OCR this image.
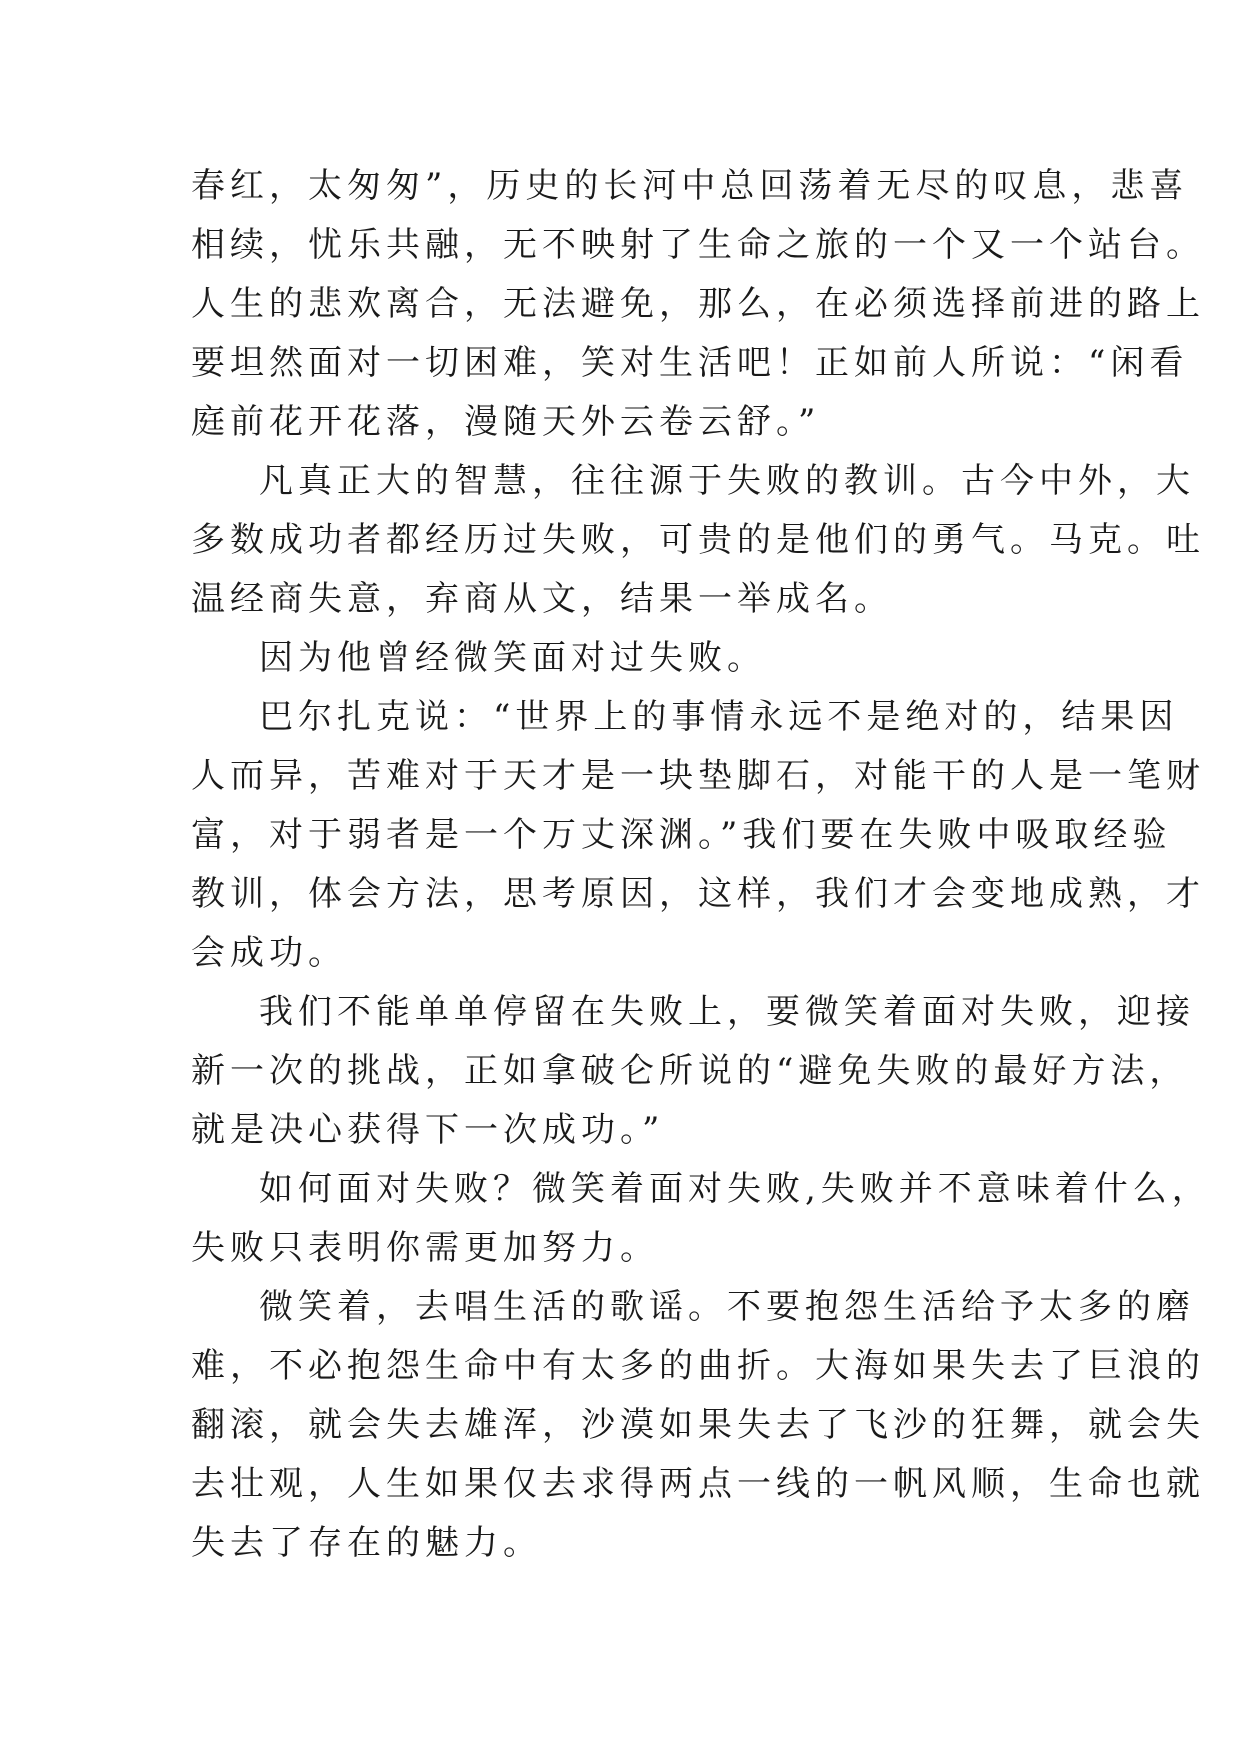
春红，太匆匆”，历史的长河中总回荡着无尽的叹息，悲喜
相续，忧乐共融，无不映射了生命之旅的一个又一个站台。
人生的悲欢离合，无法避免，那么，在必须选择前进的路上
要坦然面对一切困难，笑对生活吧！正如前人所说：“闲看
庭前花开花落，漫随天外云卷云舒。”

凡真正大的智慧，往往源于失败的教训。古今中外，大
多数成功者都经历过失败，可贵的是他们的勇气。马克。吐
温经商失意，弃商从文，结果一举成名。

因为他曾经微笑面对过失败。

巴尔扎克说：“世界上的事情永远不是绝对的，结果因
人而异，苦难对于天才是一块垫脚石，对能干的人是一笔财
富，对于弱者是一个万丈深渊。”我们要在失败中吸取经验
教训，体会方法，思考原因，这样，我们才会变地成熟，才
会成功。

我们不能单单停留在失败上，要微笑着面对失败，迎接
新一次的挑战，正如拿破仑所说的“避免失败的最好方法，
就是决心获得下一次成功。”

如何面对失败？微笑着面对失败,失败并不意味着什么，
失败只表明你需更加努力。

微笑着，去唱生活的歌谣。不要抱怨生活给予太多的磨
难，不必抱怨生命中有太多的曲折。大海如果失去了巨浪的
翻滚，就会失去雄浑，沙漠如果失去了飞沙的狂舞，就会失
去壮观，人生如果仅去求得两点一线的一帆风顺，生命也就
失去了存在的魅力。
